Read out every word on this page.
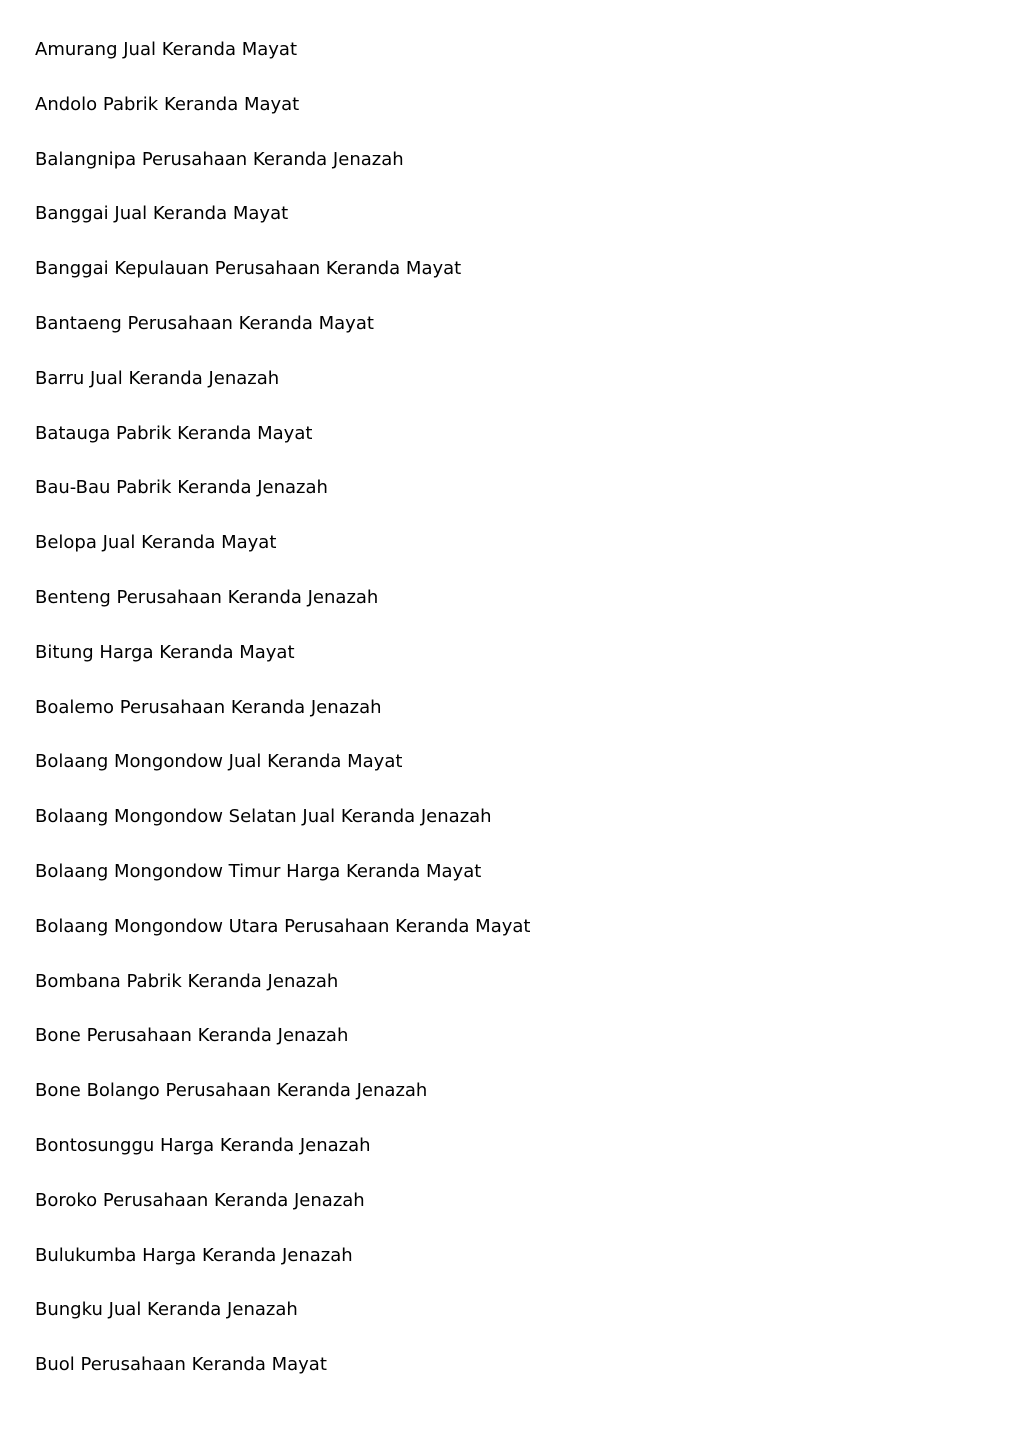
Amurang Jual Keranda Mayat
Andolo Pabrik Keranda Mayat
Balangnipa Perusahaan Keranda Jenazah
Banggai Jual Keranda Mayat
Banggai Kepulauan Perusahaan Keranda Mayat
Bantaeng Perusahaan Keranda Mayat
Barru Jual Keranda Jenazah
Batauga Pabrik Keranda Mayat
Bau-Bau Pabrik Keranda Jenazah
Belopa Jual Keranda Mayat
Benteng Perusahaan Keranda Jenazah
Bitung Harga Keranda Mayat
Boalemo Perusahaan Keranda Jenazah
Bolaang Mongondow Jual Keranda Mayat
Bolaang Mongondow Selatan Jual Keranda Jenazah
Bolaang Mongondow Timur Harga Keranda Mayat
Bolaang Mongondow Utara Perusahaan Keranda Mayat
Bombana Pabrik Keranda Jenazah
Bone Perusahaan Keranda Jenazah
Bone Bolango Perusahaan Keranda Jenazah
Bontosunggu Harga Keranda Jenazah
Boroko Perusahaan Keranda Jenazah
Bulukumba Harga Keranda Jenazah
Bungku Jual Keranda Jenazah
Buol Perusahaan Keranda Mayat
